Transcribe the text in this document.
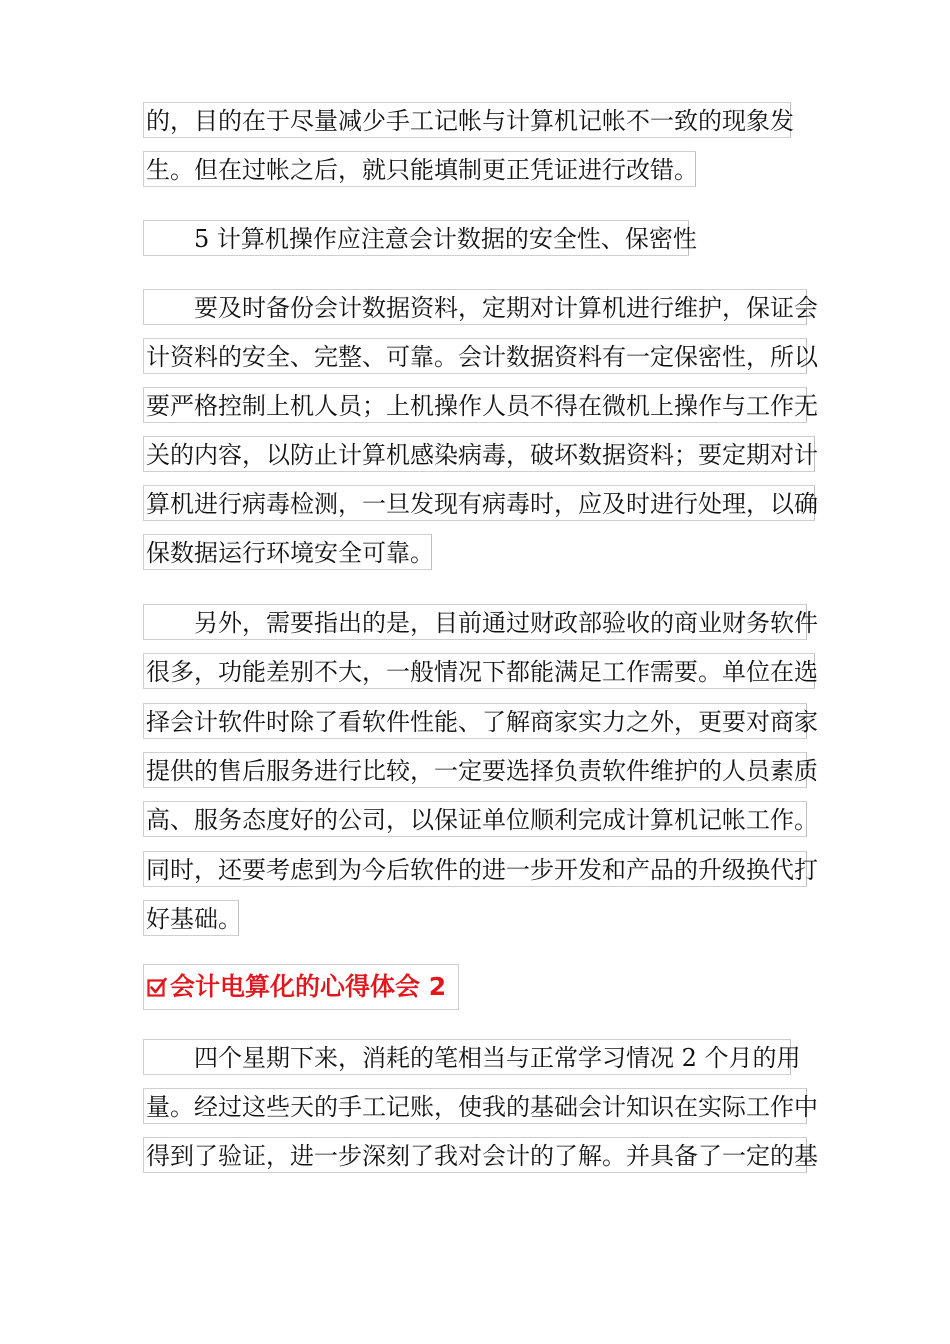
的，目的在于尽量减少手工记帐与计算机记帐不一致的现象发
生。但在过帐之后，就只能填制更正凭证进行改错。
　　5 计算机操作应注意会计数据的安全性、保密性
　　要及时备份会计数据资料，定期对计算机进行维护，保证会
计资料的安全、完整、可靠。会计数据资料有一定保密性，所以
要严格控制上机人员；上机操作人员不得在微机上操作与工作无
关的内容，以防止计算机感染病毒，破坏数据资料；要定期对计
算机进行病毒检测，一旦发现有病毒时，应及时进行处理，以确
保数据运行环境安全可靠。
　　另外，需要指出的是，目前通过财政部验收的商业财务软件
很多，功能差别不大，一般情况下都能满足工作需要。单位在选
择会计软件时除了看软件性能、了解商家实力之外，更要对商家
提供的售后服务进行比较，一定要选择负责软件维护的人员素质
高、服务态度好的公司，以保证单位顺利完成计算机记帐工作。
同时，还要考虑到为今后软件的进一步开发和产品的升级换代打
好基础。
会计电算化的心得体会 2
　　四个星期下来，消耗的笔相当与正常学习情况 2 个月的用
量。经过这些天的手工记账，使我的基础会计知识在实际工作中
得到了验证，进一步深刻了我对会计的了解。并具备了一定的基
